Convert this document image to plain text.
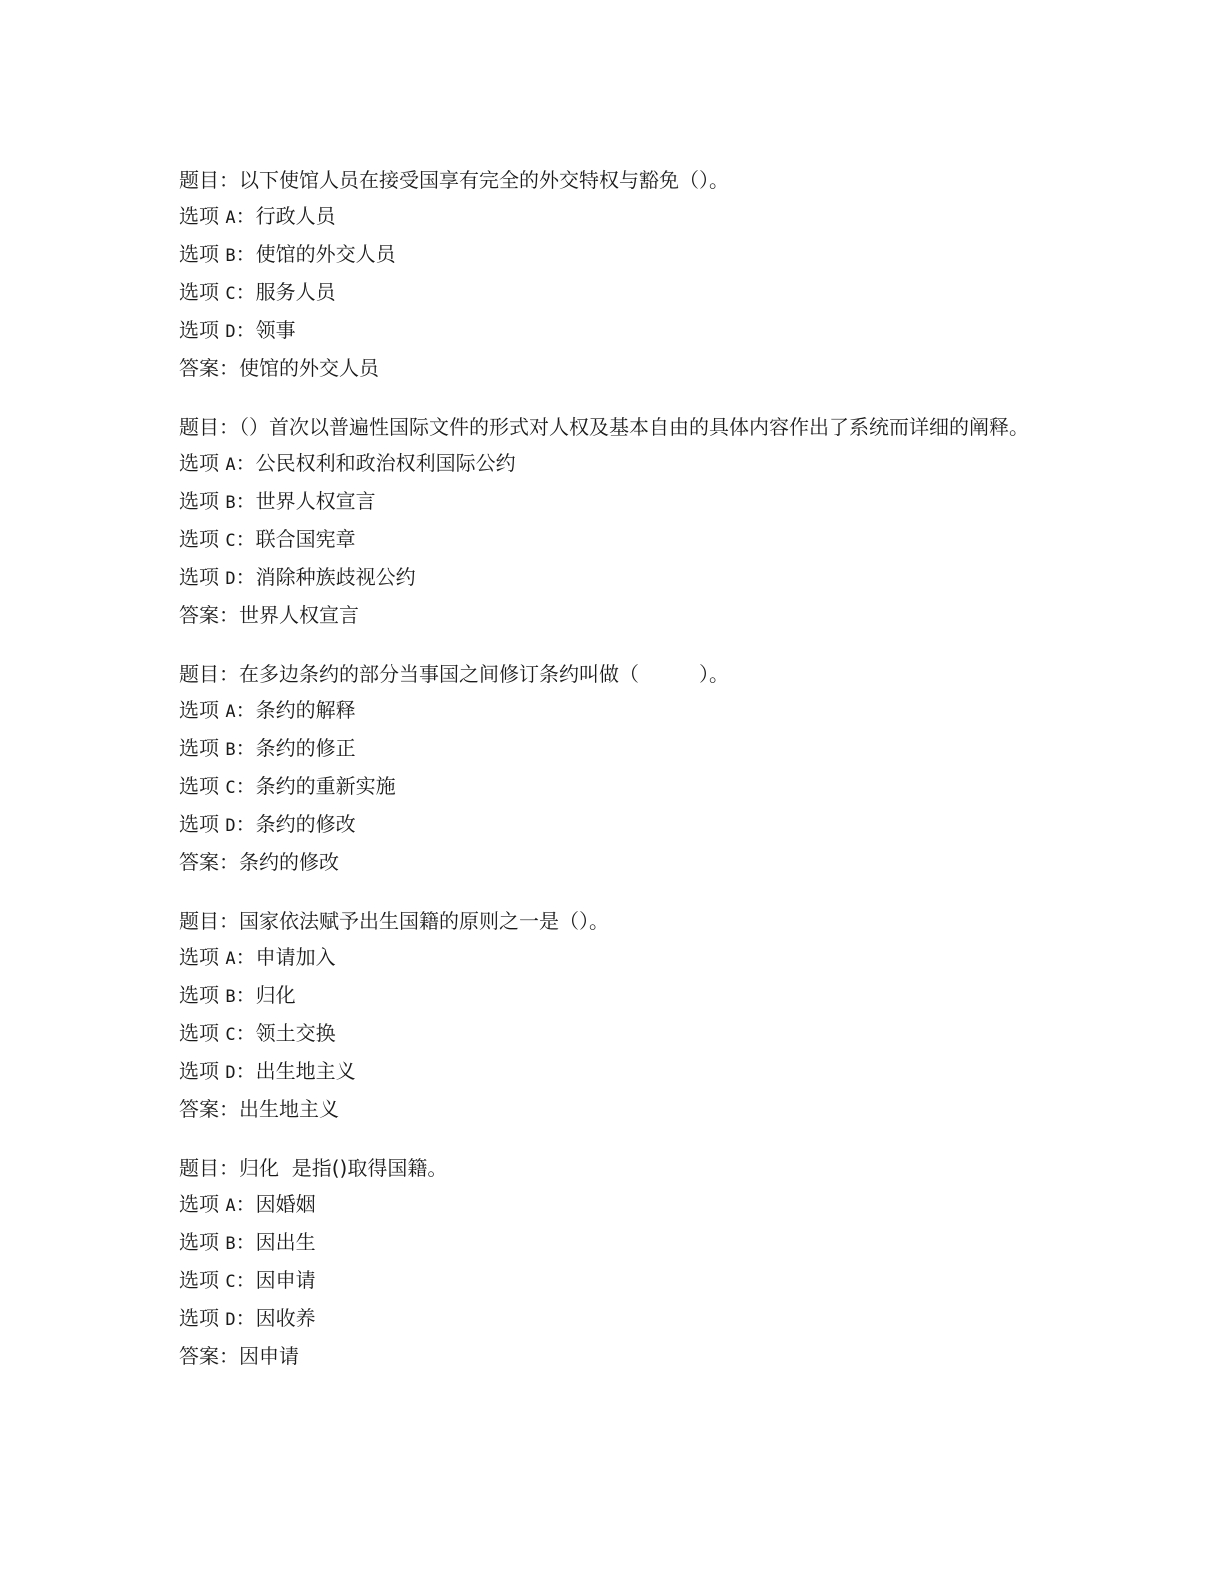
题目：以下使馆人员在接受国享有完全的外交特权与豁免（）。
选项 A：行政人员
选项 B：使馆的外交人员
选项 C：服务人员
选项 D：领事
答案：使馆的外交人员
题目：（）首次以普遍性国际文件的形式对人权及基本自由的具体内容作出了系统而详细的阐释。
选项 A：公民权利和政治权利国际公约
选项 B：世界人权宣言
选项 C：联合国宪章
选项 D：消除种族歧视公约
答案：世界人权宣言
题目：在多边条约的部分当事国之间修订条约叫做（　　　）。
选项 A：条约的解释
选项 B：条约的修正
选项 C：条约的重新实施
选项 D：条约的修改
答案：条约的修改
题目：国家依法赋予出生国籍的原则之一是（）。
选项 A：申请加入
选项 B：归化
选项 C：领土交换
选项 D：出生地主义
答案：出生地主义
题目：归化  是指()取得国籍。
选项 A：因婚姻
选项 B：因出生
选项 C：因申请
选项 D：因收养
答案：因申请
